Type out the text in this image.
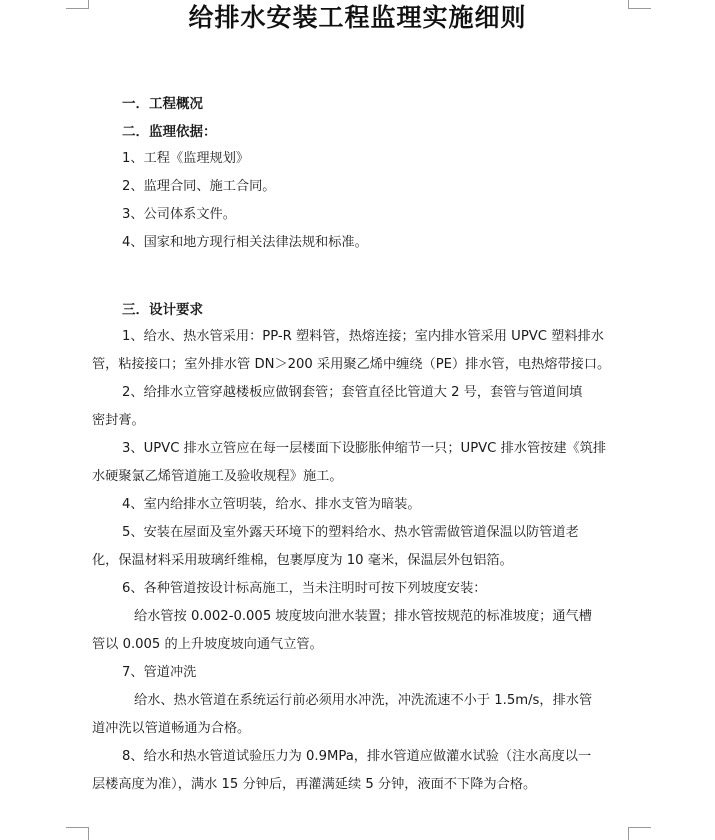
给排水安装工程监理实施细则
一．工程概况
二．监理依据：
1、工程《监理规划》
2、监理合同、施工合同。
3、公司体系文件。
4、国家和地方现行相关法律法规和标准。
三．设计要求
1、给水、热水管采用：PP-R 塑料管，热熔连接；室内排水管采用 UPVC 塑料排水
管，粘接接口；室外排水管 DN＞200 采用聚乙烯中缠绕（PE）排水管，电热熔带接口。
2、给排水立管穿越楼板应做钢套管；套管直径比管道大 2 号，套管与管道间填
密封膏。
3、UPVC 排水立管应在每一层楼面下设膨胀伸缩节一只；UPVC 排水管按建《筑排
水硬聚氯乙烯管道施工及验收规程》施工。
4、室内给排水立管明装，给水、排水支管为暗装。
5、安装在屋面及室外露天环境下的塑料给水、热水管需做管道保温以防管道老
化，保温材料采用玻璃纤维棉，包裹厚度为 10 毫米，保温层外包铝箔。
6、各种管道按设计标高施工，当未注明时可按下列坡度安装：
给水管按 0.002-0.005 坡度坡向泄水装置；排水管按规范的标准坡度；通气槽
管以 0.005 的上升坡度坡向通气立管。
7、管道冲洗
给水、热水管道在系统运行前必须用水冲洗，冲洗流速不小于 1.5m/s，排水管
道冲洗以管道畅通为合格。
8、给水和热水管道试验压力为 0.9MPa，排水管道应做灌水试验（注水高度以一
层楼高度为准），满水 15 分钟后，再灌满延续 5 分钟，液面不下降为合格。
